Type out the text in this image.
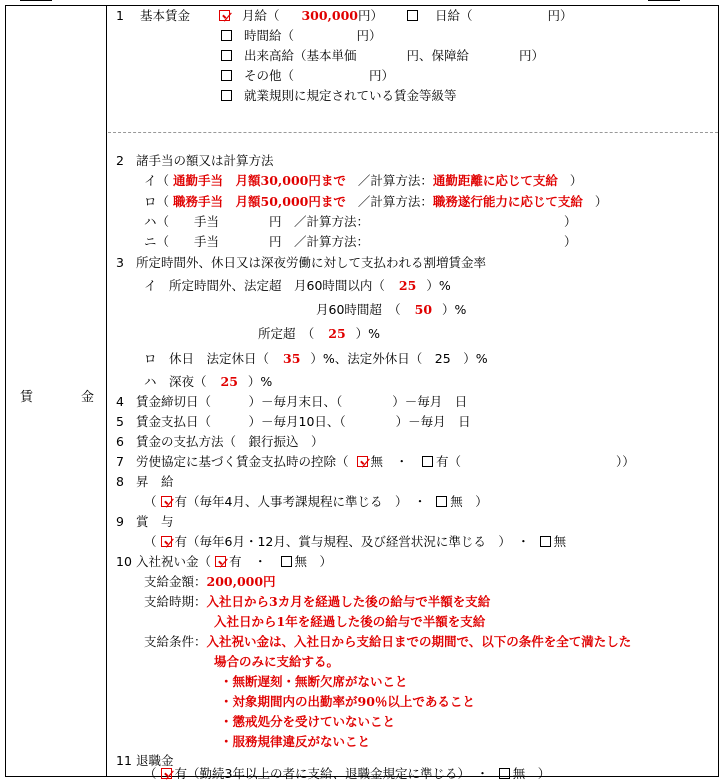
賃	金
1 基本賃金	月給（ 300,000円）	日給（　　　　　　円）
時間給（　　　　　円）
出来高給（基本単価　　　　円、保障給　　　　円）
その他（　　　　　　円）
就業規則に規定されている賃金等級等
2 諸手当の額又は計算方法
イ（ 通勤手当　月額30,000円まで ／計算方法：通勤距離に応じて支給 ）
ロ（ 職務手当　月額50,000円まで ／計算方法：職務遂行能力に応じて支給 ）
ハ（　　手当　　　　円　／計算方法：	）
ニ（　　手当　　　　円　／計算方法：	）
3 所定時間外、休日又は深夜労働に対して支払われる割増賃金率
イ　所定時間外、法定超　月60時間以内（ 25 ）%
月60時間超　（ 50 ）%
所定超　（ 25 ）%
ロ　休日　法定休日（ 35 ）%、法定外休日（　25　）%
ハ　深夜（ 25 ）%
4 賃金締切日（　　　）－毎月末日、（　　　　）－毎月　日
5 賃金支払日（　　　）－毎月10日、（　　　　）－毎月　日
6 賃金の支払方法（　銀行振込　）
7 労使協定に基づく賃金支払時の控除（ 無　・ 有（	））
8 昇　給
（ 有（毎年4月、人事考課規程に準じる　）　・ 無　）
9 賞　与
（ 有（毎年6月・12月、賞与規程、及び経営状況に準じる　）　・ 無
10 入社祝い金（ 有　・ 無　）
支給金額：200,000円
支給時期：入社日から3カ月を経過した後の給与で半額を支給
入社日から1年を経過した後の給与で半額を支給
支給条件：入社祝い金は、入社日から支給日までの期間で、以下の条件を全て満たした
場合のみに支給する。
・無断遅刻・無断欠席がないこと
・対象期間内の出勤率が90％以上であること
・懲戒処分を受けていないこと
・服務規律違反がないこと
11 退職金
（ 有（勤続3年以上の者に支給、退職金規定に準じる）　・ 無　）
